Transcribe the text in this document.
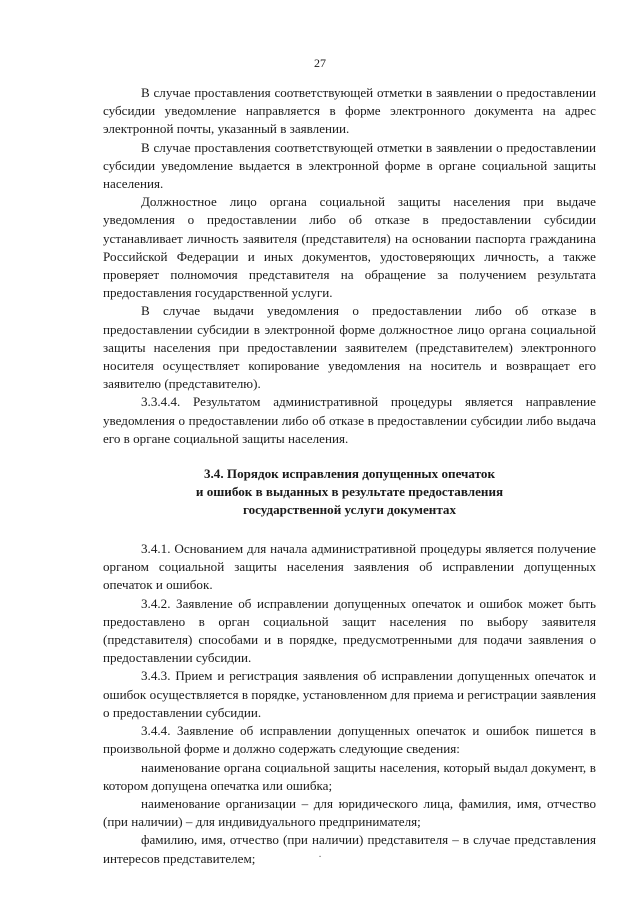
27

В случае проставления соответствующей отметки в заявлении о предоставлении субсидии уведомление направляется в форме электронного документа на адрес электронной почты, указанный в заявлении.

В случае проставления соответствующей отметки в заявлении о предоставлении субсидии уведомление выдается в электронной форме в органе социальной защиты населения.

Должностное лицо органа социальной защиты населения при выдаче уведомления о предоставлении либо об отказе в предоставлении субсидии устанавливает личность заявителя (представителя) на основании паспорта гражданина Российской Федерации и иных документов, удостоверяющих личность, а также проверяет полномочия представителя на обращение за получением результата предоставления государственной услуги.

В случае выдачи уведомления о предоставлении либо об отказе в предоставлении субсидии в электронной форме должностное лицо органа социальной защиты населения при предоставлении заявителем (представителем) электронного носителя осуществляет копирование уведомления на носитель и возвращает его заявителю (представителю).

3.3.4.4. Результатом административной процедуры является направление уведомления о предоставлении либо об отказе в предоставлении субсидии либо выдача его в органе социальной защиты населения.

3.4. Порядок исправления допущенных опечаток
и ошибок в выданных в результате предоставления
государственной услуги документах

3.4.1. Основанием для начала административной процедуры является получение органом социальной защиты населения заявления об исправлении допущенных опечаток и ошибок.

3.4.2. Заявление об исправлении допущенных опечаток и ошибок может быть предоставлено в орган социальной защит населения по выбору заявителя (представителя) способами и в порядке, предусмотренными для подачи заявления о предоставлении субсидии.

3.4.3. Прием и регистрация заявления об исправлении допущенных опечаток и ошибок осуществляется в порядке, установленном для приема и регистрации заявления о предоставлении субсидии.

3.4.4. Заявление об исправлении допущенных опечаток и ошибок пишется в произвольной форме и должно содержать следующие сведения:

наименование органа социальной защиты населения, который выдал документ, в котором допущена опечатка или ошибка;

наименование организации – для юридического лица, фамилия, имя, отчество (при наличии) – для индивидуального предпринимателя;

фамилию, имя, отчество (при наличии) представителя – в случае представления интересов представителем;	·
